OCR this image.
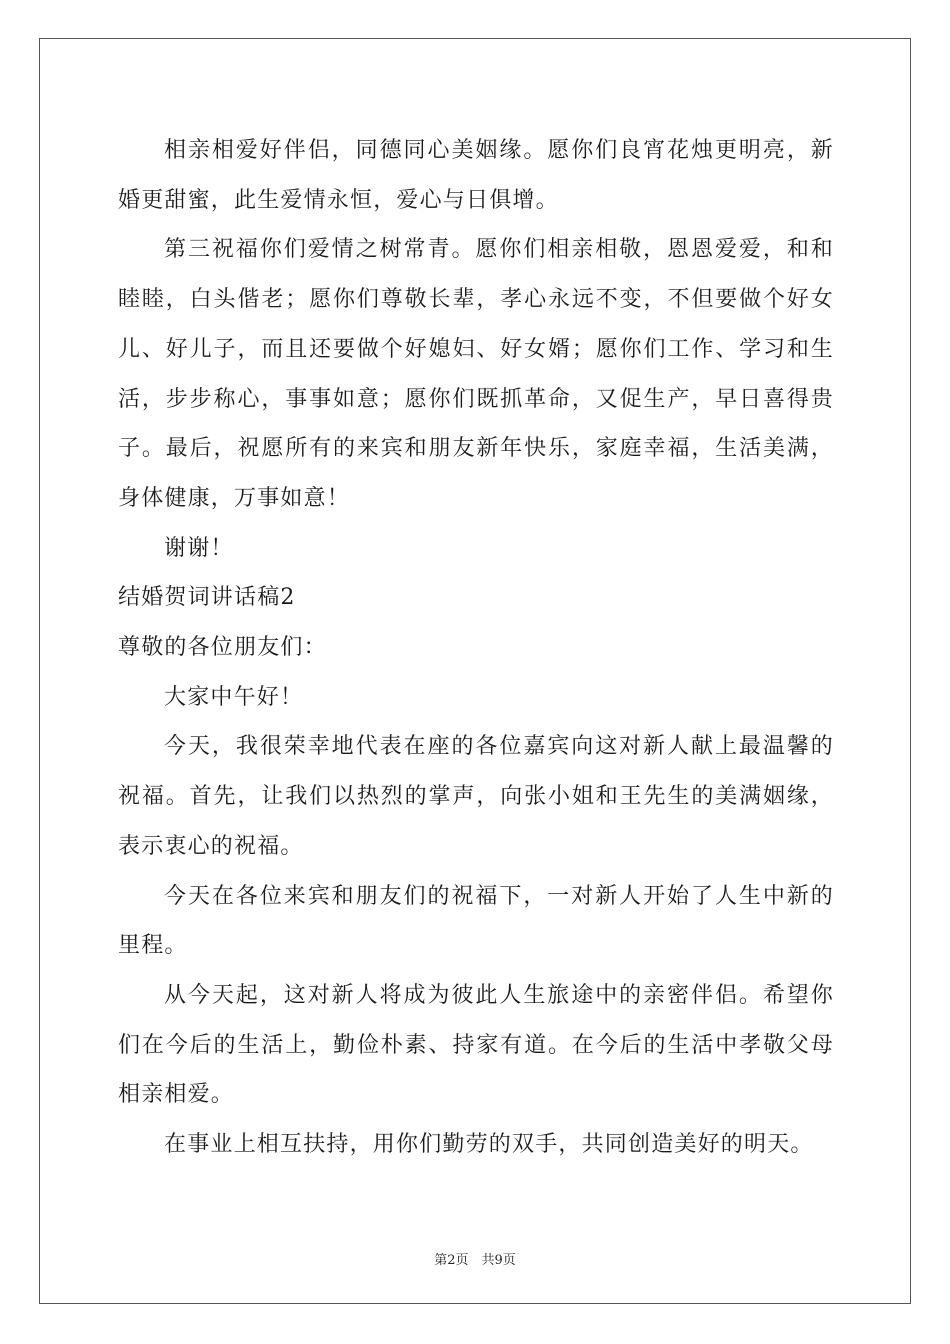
相亲相爱好伴侣，同德同心美姻缘。愿你们良宵花烛更明亮，新婚更甜蜜，此生爱情永恒，爱心与日俱增。

第三祝福你们爱情之树常青。愿你们相亲相敬，恩恩爱爱，和和睦睦，白头偕老；愿你们尊敬长辈，孝心永远不变，不但要做个好女儿、好儿子，而且还要做个好媳妇、好女婿；愿你们工作、学习和生活，步步称心，事事如意；愿你们既抓革命，又促生产，早日喜得贵子。最后，祝愿所有的来宾和朋友新年快乐，家庭幸福，生活美满，身体健康，万事如意！

谢谢！

结婚贺词讲话稿2

尊敬的各位朋友们：

大家中午好！

今天，我很荣幸地代表在座的各位嘉宾向这对新人献上最温馨的祝福。首先，让我们以热烈的掌声，向张小姐和王先生的美满姻缘，表示衷心的祝福。

今天在各位来宾和朋友们的祝福下，一对新人开始了人生中新的里程。

从今天起，这对新人将成为彼此人生旅途中的亲密伴侣。希望你们在今后的生活上，勤俭朴素、持家有道。在今后的生活中孝敬父母相亲相爱。

在事业上相互扶持，用你们勤劳的双手，共同创造美好的明天。

第2页　共9页
